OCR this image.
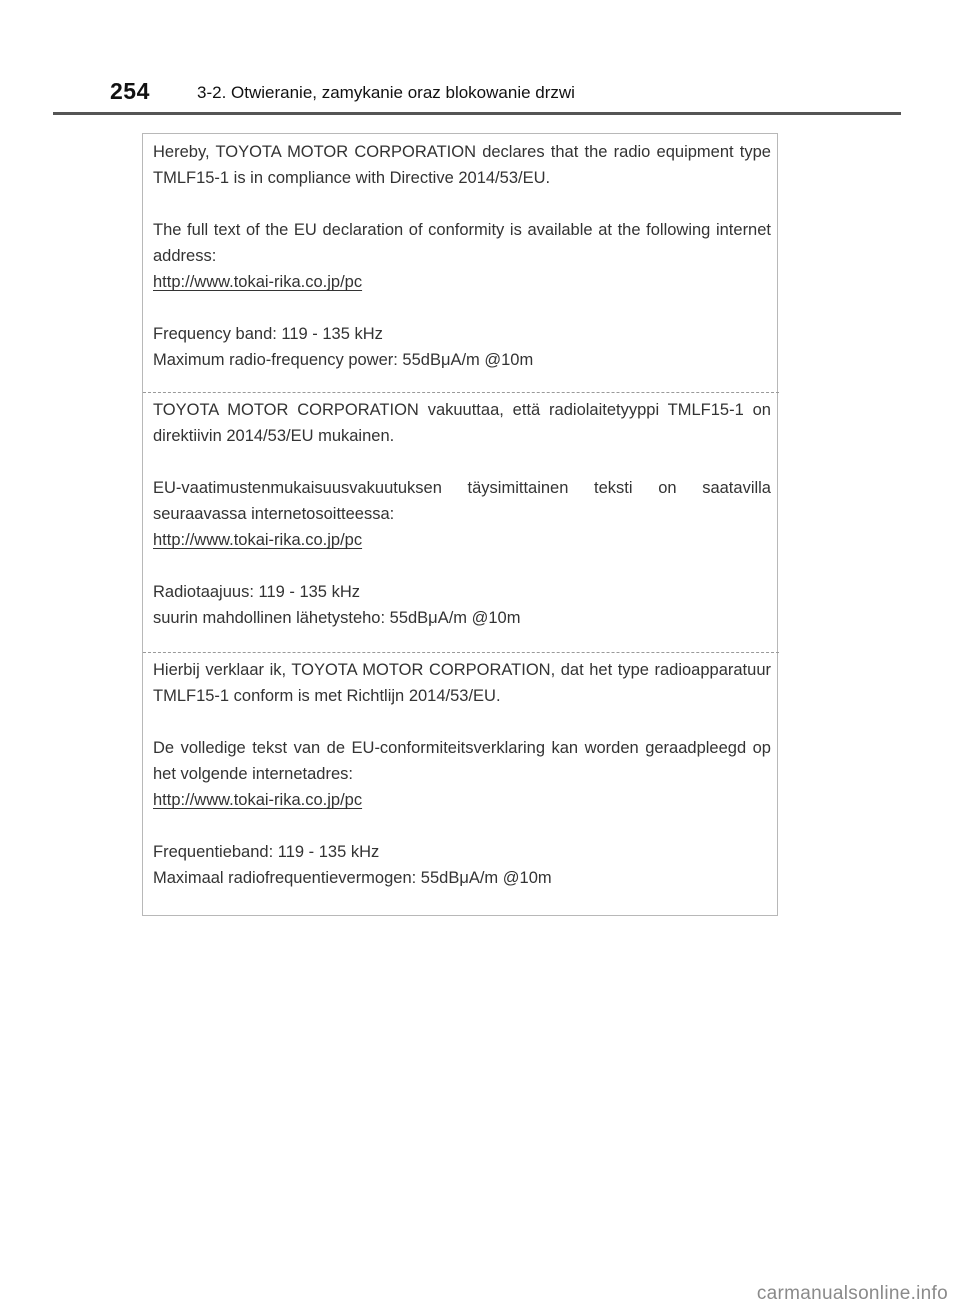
254	3-2. Otwieranie, zamykanie oraz blokowanie drzwi

Hereby, TOYOTA MOTOR CORPORATION declares that the radio equipment type TMLF15-1 is in compliance with Directive 2014/53/EU.

The full text of the EU declaration of conformity is available at the following internet address:

http://www.tokai-rika.co.jp/pc

Frequency band: 119 - 135 kHz

Maximum radio-frequency power: 55dBμA/m @10m

TOYOTA MOTOR CORPORATION vakuuttaa, että radiolaitetyyppi TMLF15-1 on direktiivin 2014/53/EU mukainen.

EU-vaatimustenmukaisuusvakuutuksen täysimittainen teksti on saatavilla seuraavassa internetosoitteessa:

http://www.tokai-rika.co.jp/pc

Radiotaajuus: 119 - 135 kHz

suurin mahdollinen lähetysteho: 55dBμA/m @10m

Hierbij verklaar ik, TOYOTA MOTOR CORPORATION, dat het type radioapparatuur TMLF15-1 conform is met Richtlijn 2014/53/EU.

De volledige tekst van de EU-conformiteitsverklaring kan worden geraadpleegd op het volgende internetadres:

http://www.tokai-rika.co.jp/pc

Frequentieband: 119 - 135 kHz

Maximaal radiofrequentievermogen: 55dBμA/m @10m

carmanualsonline.info
